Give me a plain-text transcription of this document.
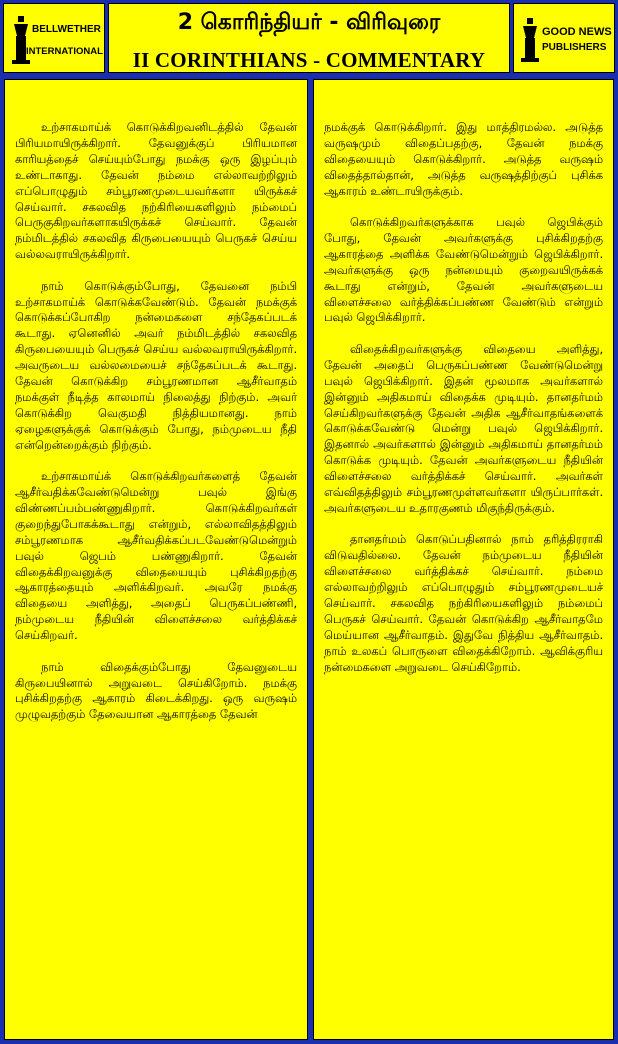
BELLWETHER
INTERNATIONAL
2 கொரிந்தியர் - விரிவுரை
II CORINTHIANS - COMMENTARY
GOOD NEWS
PUBLISHERS

உற்சாகமாய்க் கொடுக்கிறவனிடத்தில் தேவன் பிரியமாயிருக்கிறார். தேவனுக்குப் பிரியமான காரியத்தைச் செய்யும்போது நமக்கு ஒரு இழப்பும் உண்டாகாது. தேவன் நம்மை எல்லாவற்றிலும் எப்பொழுதும் சம்பூரணமுடையவர்களா யிருக்கச் செய்வார். சகலவித நற்கிரியைகளிலும் நம்மைப் பெருகுகிறவர்களாகயிருக்கச் செய்வார். தேவன் நம்மிடத்தில் சகலவித கிருபையையும் பெருகச் செய்ய வல்லவராயிருக்கிறார்.

நாம் கொடுக்கும்போது, தேவனை நம்பி உற்சாகமாய்க் கொடுக்கவேண்டும். தேவன் நமக்குக் கொடுக்கப்போகிற நன்மைகளை சந்தேகப்படக் கூடாது. ஏனெனில் அவர் நம்மிடத்தில் சகலவித கிருபையையும் பெருகச் செய்ய வல்லவராயிருக்கிறார். அவருடைய வல்லமையைச் சந்தேகப்படக் கூடாது. தேவன் கொடுக்கிற சம்பூரணமான ஆசீர்வாதம் நமக்குள் நீடித்த காலமாய் நிலைத்து நிற்கும். அவர் கொடுக்கிற வெகுமதி நித்தியமானது. நாம் ஏழைகளுக்குக் கொடுக்கும் போது, நம்முடைய நீதி என்றென்றைக்கும் நிற்கும்.

உற்சாகமாய்க் கொடுக்கிறவர்களைத் தேவன் ஆசீர்வதிக்கவேண்டுமென்று பவுல் இங்கு விண்ணப்பம்பண்ணுகிறார். கொடுக்கிறவர்கள் குறைந்துபோகக்கூடாது என்றும், எல்லாவிதத்திலும் சம்பூரணமாக ஆசீர்வதிக்கப்படவேண்டுமென்றும் பவுல் ஜெபம் பண்ணுகிறார். தேவன் விதைக்கிறவனுக்கு விதையையும் புசிக்கிறதற்கு ஆகாரத்தையும் அளிக்கிறவர். அவரே நமக்கு விதையை அளித்து, அதைப் பெருகப்பண்ணி, நம்முடைய நீதியின் விளைச்சலை வர்த்திக்கச் செய்கிறவர்.

நாம் விதைக்கும்போது தேவனுடைய கிருபையினால் அறுவடை செய்கிறோம். நமக்கு புசிக்கிறதற்கு ஆகாரம் கிடைக்கிறது. ஒரு வருஷம் முழுவதற்கும் தேவையான ஆகாரத்தை தேவன்

நமக்குக் கொடுக்கிறார். இது மாத்திரமல்ல. அடுத்த வருஷமும் விதைப்பதற்கு, தேவன் நமக்கு விதையையும் கொடுக்கிறார். அடுத்த வருஷம் விதைத்தால்தான், அடுத்த வருஷத்திற்குப் புசிக்க ஆகாரம் உண்டாயிருக்கும்.

கொடுக்கிறவர்களுக்காக பவுல் ஜெபிக்கும் போது, தேவன் அவர்களுக்கு புசிக்கிறதற்கு ஆகாரத்தை அளிக்க வேண்டுமென்றும் ஜெபிக்கிறார். அவர்களுக்கு ஒரு நன்மையும் குறைவயிருக்கக் கூடாது என்றும், தேவன் அவர்களுடைய விளைச்சலை வர்த்திக்கப்பண்ண வேண்டும் என்றும் பவுல் ஜெபிக்கிறார்.

விதைக்கிறவர்களுக்கு விதையை அளித்து, தேவன் அதைப் பெருகப்பண்ண வேண்டுமென்று பவுல் ஜெபிக்கிறார். இதன் மூலமாக அவர்களால் இன்னும் அதிகமாய் விதைக்க முடியும். தானதர்மம் செய்கிறவர்களுக்கு தேவன் அதிக ஆசீர்வாதங்களைக் கொடுக்கவேண்டு மென்று பவுல் ஜெபிக்கிறார். இதனால் அவர்களால் இன்னும் அதிகமாய் தானதர்மம் கொடுக்க முடியும். தேவன் அவர்களுடைய நீதியின் விளைச்சலை வர்த்திக்கச் செய்வார். அவர்கள் எவ்விதத்திலும் சம்பூரணமுள்ளவர்களா யிருப்பார்கள். அவர்களுடைய உதாரகுணம் மிகுந்திருக்கும்.

தானதர்மம் கொடுப்பதினால் நாம் தரித்திரராகி விடுவதில்லை. தேவன் நம்முடைய நீதியின் விளைச்சலை வர்த்திக்கச் செய்வார். நம்மை எல்லாவற்றிலும் எப்பொழுதும் சம்பூரணமுடையச் செய்வார். சகலவித நற்கிரியைகளிலும் நம்மைப் பெருகச் செய்வார். தேவன் கொடுக்கிற ஆசீர்வாதமே மெய்யான ஆசீர்வாதம். இதுவே நித்திய ஆசீர்வாதம். நாம் உலகப் பொருளை விதைக்கிறோம். ஆவிக்குரிய நன்மைகளை அறுவடை செய்கிறோம்.
